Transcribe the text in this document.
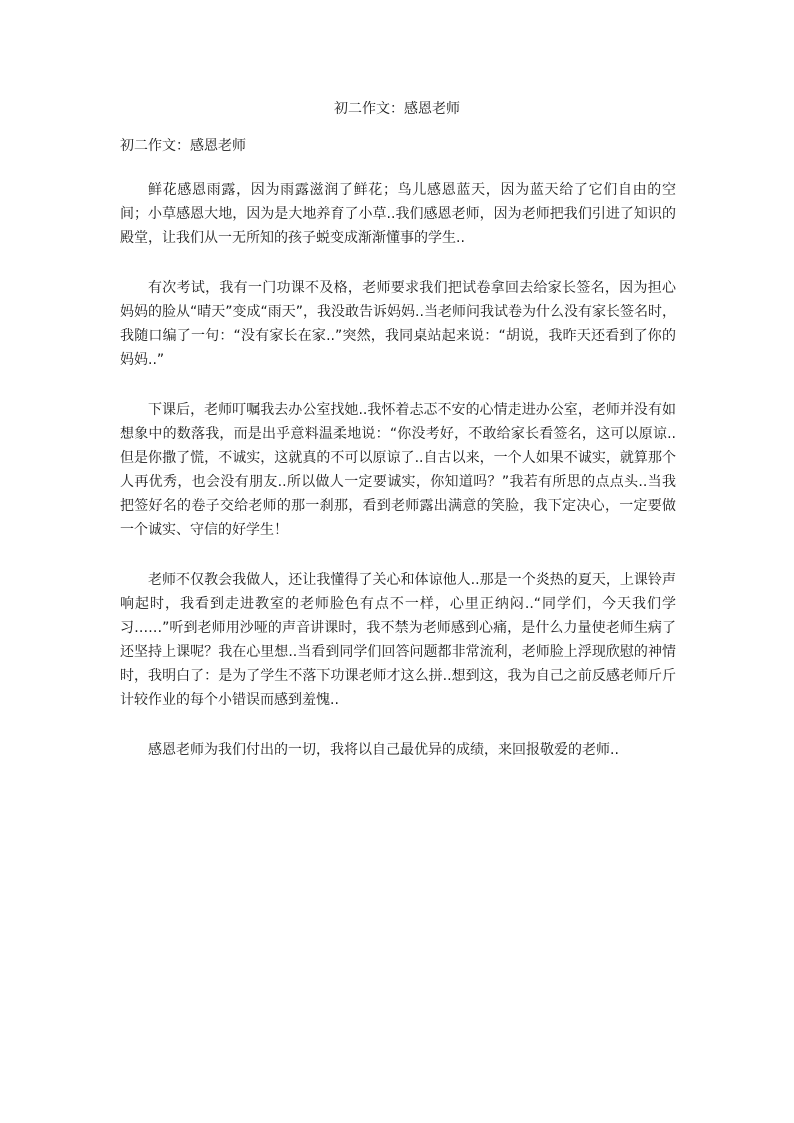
初二作文：感恩老师
初二作文：感恩老师

鲜花感恩雨露，因为雨露滋润了鲜花；鸟儿感恩蓝天，因为蓝天给了它们自由的空间；小草感恩大地，因为是大地养育了小草..我们感恩老师，因为老师把我们引进了知识的殿堂，让我们从一无所知的孩子蜕变成渐渐懂事的学生..

有次考试，我有一门功课不及格，老师要求我们把试卷拿回去给家长签名，因为担心妈妈的脸从“晴天”变成“雨天”，我没敢告诉妈妈..当老师问我试卷为什么没有家长签名时，我随口编了一句：“没有家长在家..”突然，我同桌站起来说：“胡说，我昨天还看到了你的妈妈..”

下课后，老师叮嘱我去办公室找她..我怀着忐忑不安的心情走进办公室，老师并没有如想象中的数落我，而是出乎意料温柔地说：“你没考好，不敢给家长看签名，这可以原谅..但是你撒了慌，不诚实，这就真的不可以原谅了..自古以来，一个人如果不诚实，就算那个人再优秀，也会没有朋友..所以做人一定要诚实，你知道吗？”我若有所思的点点头..当我把签好名的卷子交给老师的那一刹那，看到老师露出满意的笑脸，我下定决心，一定要做一个诚实、守信的好学生！

老师不仅教会我做人，还让我懂得了关心和体谅他人..那是一个炎热的夏天，上课铃声响起时，我看到走进教室的老师脸色有点不一样，心里正纳闷..“同学们，今天我们学习……”听到老师用沙哑的声音讲课时，我不禁为老师感到心痛，是什么力量使老师生病了还坚持上课呢？我在心里想..当看到同学们回答问题都非常流利，老师脸上浮现欣慰的神情时，我明白了：是为了学生不落下功课老师才这么拼..想到这，我为自己之前反感老师斤斤计较作业的每个小错误而感到羞愧..

感恩老师为我们付出的一切，我将以自己最优异的成绩，来回报敬爱的老师..
